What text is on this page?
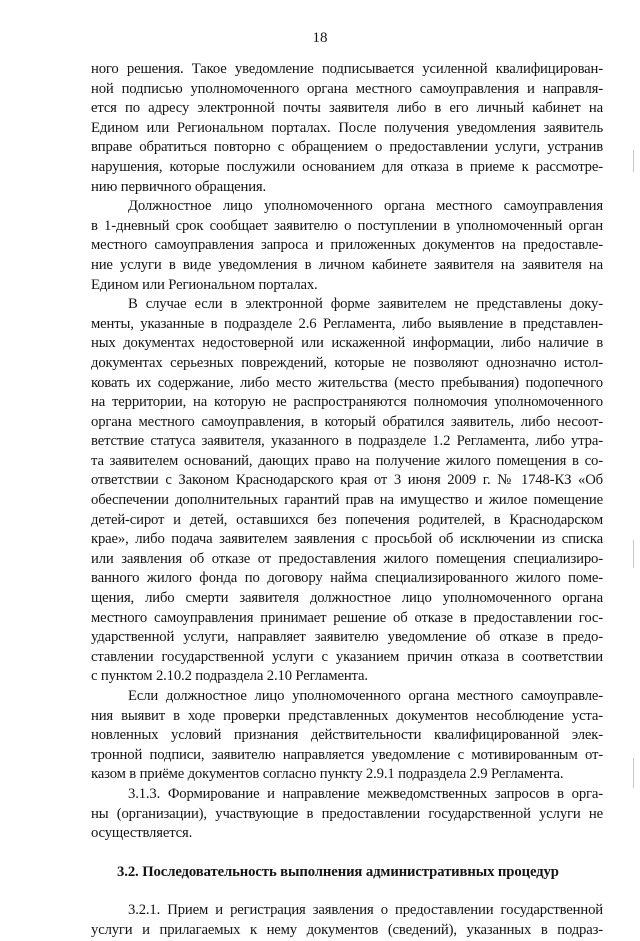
18
ного решения. Такое уведомление подписывается усиленной квалифицирован-
ной подписью уполномоченного органа местного самоуправления и направля-
ется по адресу электронной почты заявителя либо в его личный кабинет на
Едином или Региональном порталах. После получения уведомления заявитель
вправе обратиться повторно с обращением о предоставлении услуги, устранив
нарушения, которые послужили основанием для отказа в приеме к рассмотре-
нию первичного обращения.
Должностное лицо уполномоченного органа местного самоуправления
в 1-дневный срок сообщает заявителю о поступлении в уполномоченный орган
местного самоуправления запроса и приложенных документов на предоставле-
ние услуги в виде уведомления в личном кабинете заявителя на заявителя на
Едином или Региональном порталах.
В случае если в электронной форме заявителем не представлены доку-
менты, указанные в подразделе 2.6 Регламента, либо выявление в представлен-
ных документах недостоверной или искаженной информации, либо наличие в
документах серьезных повреждений, которые не позволяют однозначно истол-
ковать их содержание, либо место жительства (место пребывания) подопечного
на территории, на которую не распространяются полномочия уполномоченного
органа местного самоуправления, в который обратился заявитель, либо несоот-
ветствие статуса заявителя, указанного в подразделе 1.2 Регламента, либо утра-
та заявителем оснований, дающих право на получение жилого помещения в со-
ответствии с Законом Краснодарского края от 3 июня 2009 г. № 1748-КЗ «Об
обеспечении дополнительных гарантий прав на имущество и жилое помещение
детей-сирот и детей, оставшихся без попечения родителей, в Краснодарском
крае», либо подача заявителем заявления с просьбой об исключении из списка
или заявления об отказе от предоставления жилого помещения специализиро-
ванного жилого фонда по договору найма специализированного жилого поме-
щения, либо смерти заявителя должностное лицо уполномоченного органа
местного самоуправления принимает решение об отказе в предоставлении гос-
ударственной услуги, направляет заявителю уведомление об отказе в предо-
ставлении государственной услуги с указанием причин отказа в соответствии
с пунктом 2.10.2 подраздела 2.10 Регламента.
Если должностное лицо уполномоченного органа местного самоуправле-
ния выявит в ходе проверки представленных документов несоблюдение уста-
новленных условий признания действительности квалифицированной элек-
тронной подписи, заявителю направляется уведомление с мотивированным от-
казом в приёме документов согласно пункту 2.9.1 подраздела 2.9 Регламента.
3.1.3. Формирование и направление межведомственных запросов в орга-
ны (организации), участвующие в предоставлении государственной услуги не
осуществляется.
3.2. Последовательность выполнения административных процедур
3.2.1. Прием и регистрация заявления о предоставлении государственной
услуги и прилагаемых к нему документов (сведений), указанных в подраз-
